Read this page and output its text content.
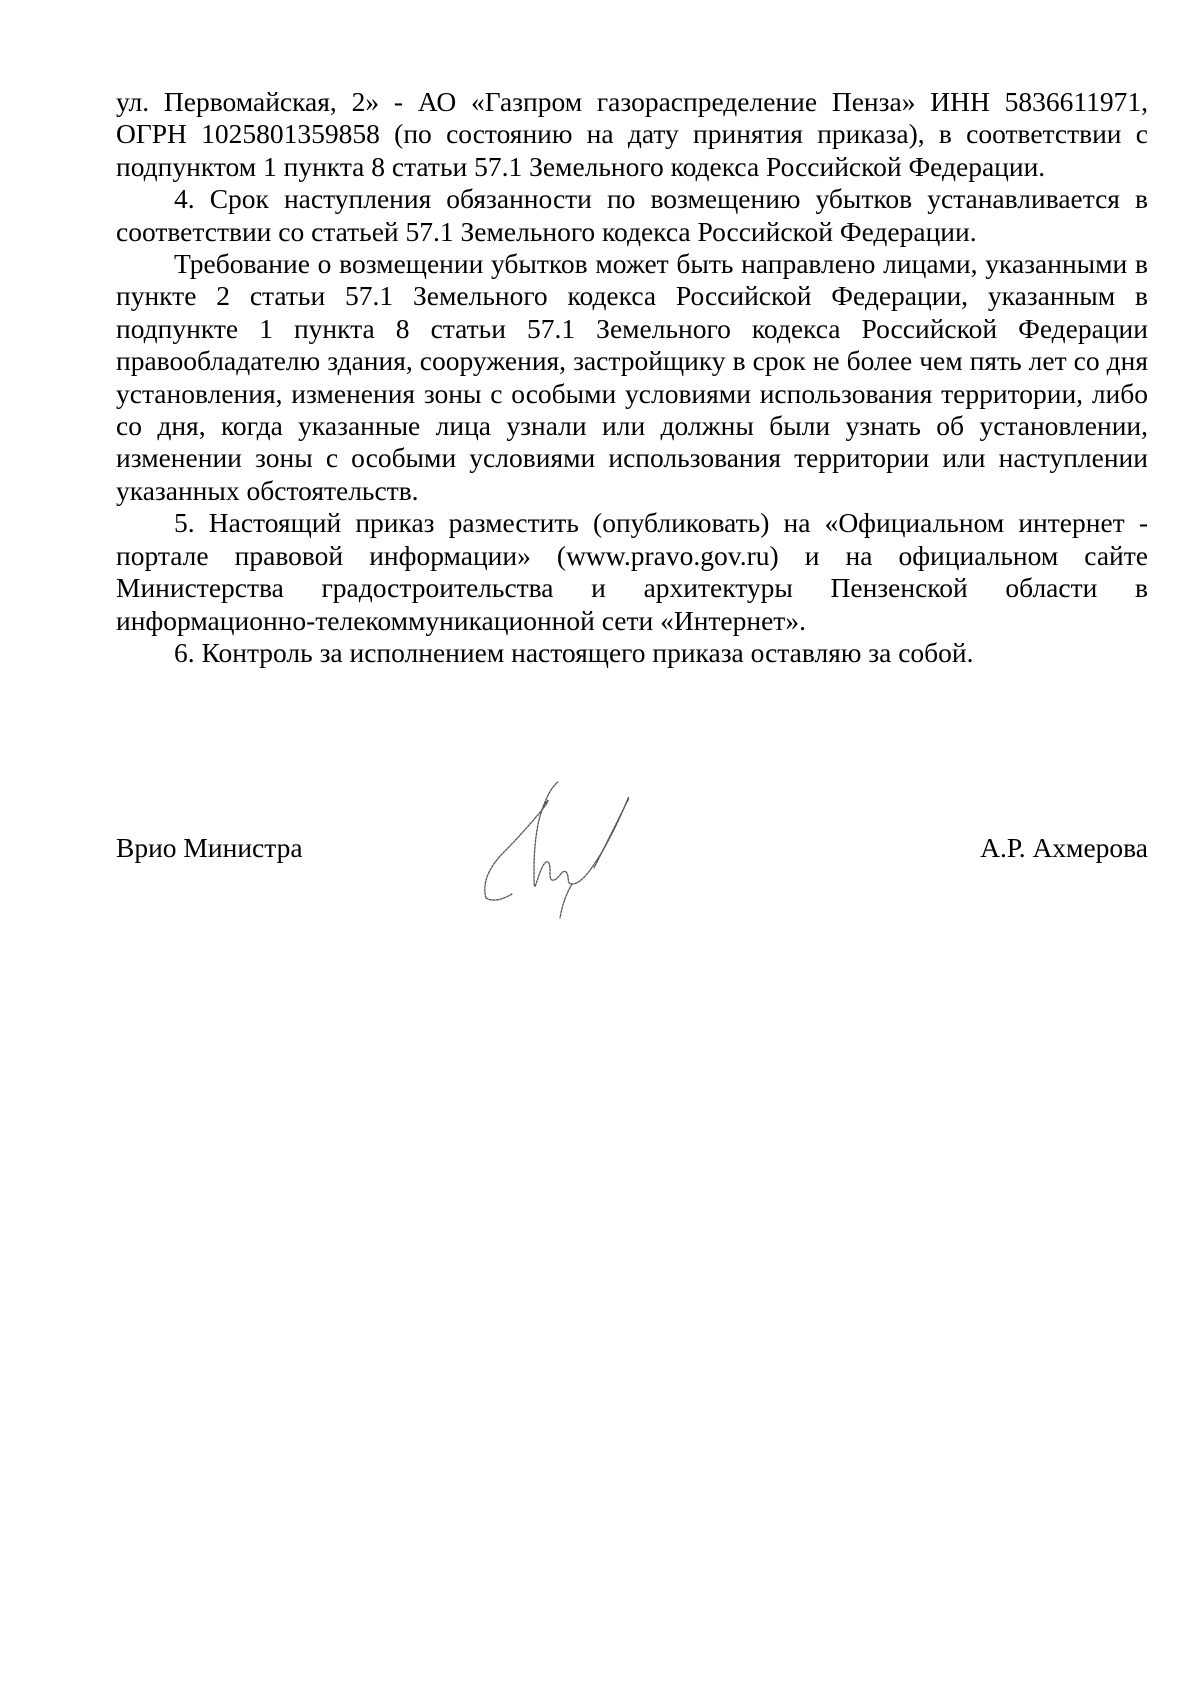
ул. Первомайская, 2» - АО «Газпром газораспределение Пенза» ИНН 5836611971, ОГРН 1025801359858 (по состоянию на дату принятия приказа), в соответствии с подпунктом 1 пункта 8 статьи 57.1 Земельного кодекса Российской Федерации.

4. Срок наступления обязанности по возмещению убытков устанавливается в соответствии со статьей 57.1 Земельного кодекса Российской Федерации.

Требование о возмещении убытков может быть направлено лицами, указанными в пункте 2 статьи 57.1 Земельного кодекса Российской Федерации, указанным в подпункте 1 пункта 8 статьи 57.1 Земельного кодекса Российской Федерации правообладателю здания, сооружения, застройщику в срок не более чем пять лет со дня установления, изменения зоны с особыми условиями использования территории, либо со дня, когда указанные лица узнали или должны были узнать об установлении, изменении зоны с особыми условиями использования территории или наступлении указанных обстоятельств.

5. Настоящий приказ разместить (опубликовать) на «Официальном интернет - портале правовой информации» (www.pravo.gov.ru) и на официальном сайте Министерства градостроительства и архитектуры Пензенской области в информационно-телекоммуникационной сети «Интернет».

6. Контроль за исполнением настоящего приказа оставляю за собой.

Врио Министра	А.Р. Ахмерова
